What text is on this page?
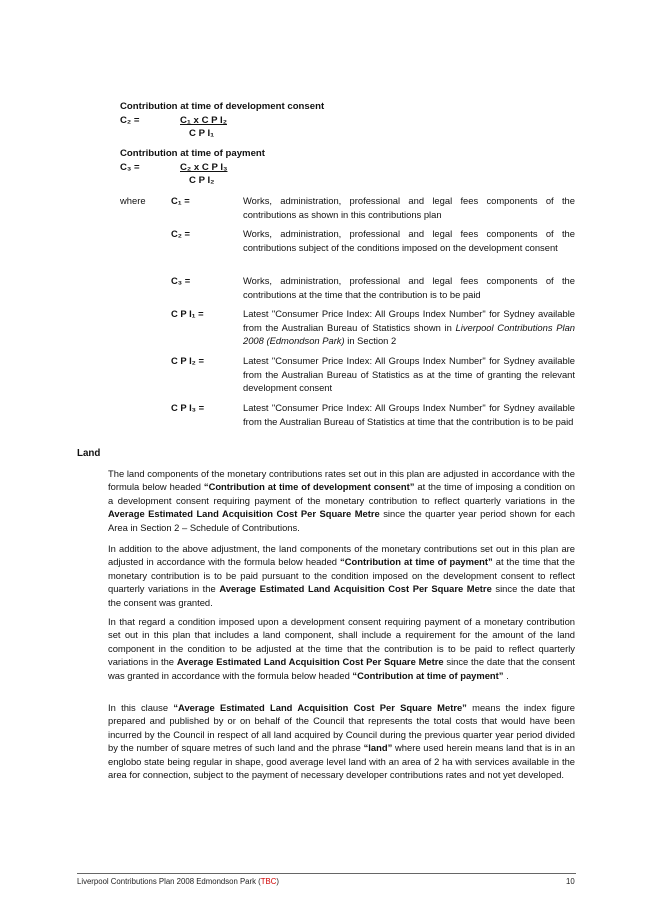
Contribution at time of development consent
C₂ =	C₁ x C P I₂
C P I₁
Contribution at time of payment
C₃ =	C₂ x C P I₃
C P I₂
where	C₁ =	Works, administration, professional and legal fees components of the contributions as shown in this contributions plan
C₂ =	Works, administration, professional and legal fees components of the contributions subject of the conditions imposed on the development consent
C₃ =	Works, administration, professional and legal fees components of the contributions at the time that the contribution is to be paid
C P I₁ =	Latest "Consumer Price Index: All Groups Index Number" for Sydney available from the Australian Bureau of Statistics shown in Liverpool Contributions Plan 2008 (Edmondson Park) in Section 2
C P I₂ =	Latest "Consumer Price Index: All Groups Index Number" for Sydney available from the Australian Bureau of Statistics as at the time of granting the relevant development consent
C P I₃ =	Latest "Consumer Price Index: All Groups Index Number" for Sydney available from the Australian Bureau of Statistics at time that the contribution is to be paid
Land
The land components of the monetary contributions rates set out in this plan are adjusted in accordance with the formula below headed “Contribution at time of development consent” at the time of imposing a condition on a development consent requiring payment of the monetary contribution to reflect quarterly variations in the Average Estimated Land Acquisition Cost Per Square Metre since the quarter year period shown for each Area in Section 2 – Schedule of Contributions.
In addition to the above adjustment, the land components of the monetary contributions set out in this plan are adjusted in accordance with the formula below headed “Contribution at time of payment” at the time that the monetary contribution is to be paid pursuant to the condition imposed on the development consent to reflect quarterly variations in the Average Estimated Land Acquisition Cost Per Square Metre since the date that the consent was granted.
In that regard a condition imposed upon a development consent requiring payment of a monetary contribution set out in this plan that includes a land component, shall include a requirement for the amount of the land component in the condition to be adjusted at the time that the contribution is to be paid to reflect quarterly variations in the Average Estimated Land Acquisition Cost Per Square Metre since the date that the consent was granted in accordance with the formula below headed “Contribution at time of payment” .
In this clause “Average Estimated Land Acquisition Cost Per Square Metre” means the index figure prepared and published by or on behalf of the Council that represents the total costs that would have been incurred by the Council in respect of all land acquired by Council during the previous quarter year period divided by the number of square metres of such land and the phrase “land” where used herein means land that is in an englobo state being regular in shape, good average level land with an area of 2 ha with services available in the area for connection, subject to the payment of necessary developer contributions rates and not yet developed.
Liverpool Contributions Plan 2008 Edmondson Park (TBC)	10
